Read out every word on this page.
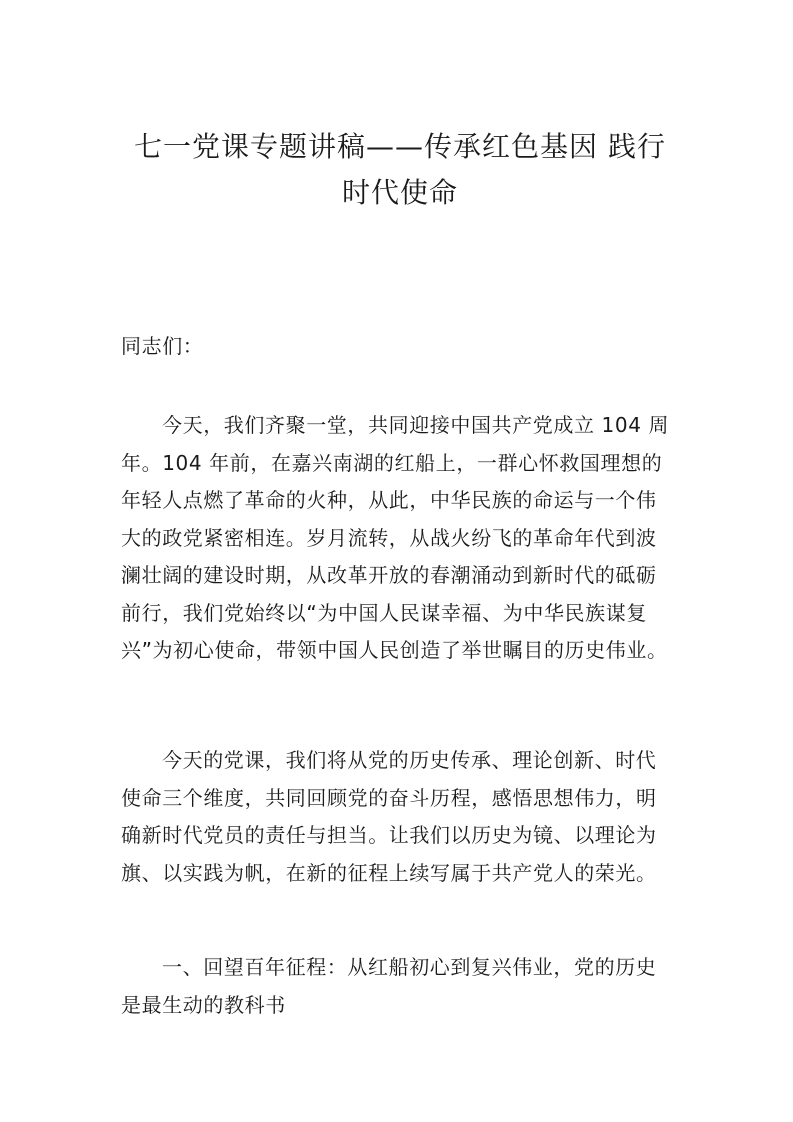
七一党课专题讲稿——传承红色基因 践行
时代使命

同志们：

今天，我们齐聚一堂，共同迎接中国共产党成立 104 周
年。104 年前，在嘉兴南湖的红船上，一群心怀救国理想的
年轻人点燃了革命的火种，从此，中华民族的命运与一个伟
大的政党紧密相连。岁月流转，从战火纷飞的革命年代到波
澜壮阔的建设时期，从改革开放的春潮涌动到新时代的砥砺
前行，我们党始终以“为中国人民谋幸福、为中华民族谋复
兴”为初心使命，带领中国人民创造了举世瞩目的历史伟业。

今天的党课，我们将从党的历史传承、理论创新、时代
使命三个维度，共同回顾党的奋斗历程，感悟思想伟力，明
确新时代党员的责任与担当。让我们以历史为镜、以理论为
旗、以实践为帆，在新的征程上续写属于共产党人的荣光。

一、回望百年征程：从红船初心到复兴伟业，党的历史
是最生动的教科书
